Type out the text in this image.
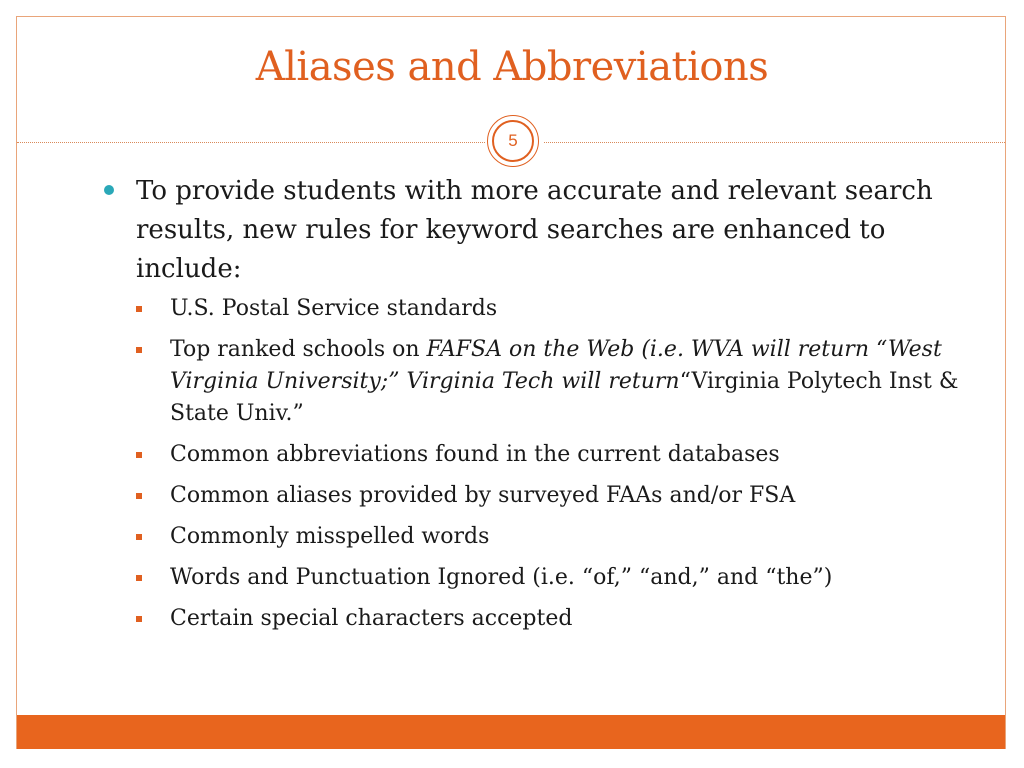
Aliases and Abbreviations
5
To provide students with more accurate and relevant search results, new rules for keyword searches are enhanced to include:
U.S. Postal Service standards
Top ranked schools on FAFSA on the Web (i.e. WVA will return “West Virginia University;” Virginia Tech will return“Virginia Polytech Inst & State Univ.”
Common abbreviations found in the current databases
Common aliases provided by surveyed FAAs and/or FSA
Commonly misspelled words
Words and Punctuation Ignored (i.e. “of,” “and,” and “the”)
Certain special characters accepted
